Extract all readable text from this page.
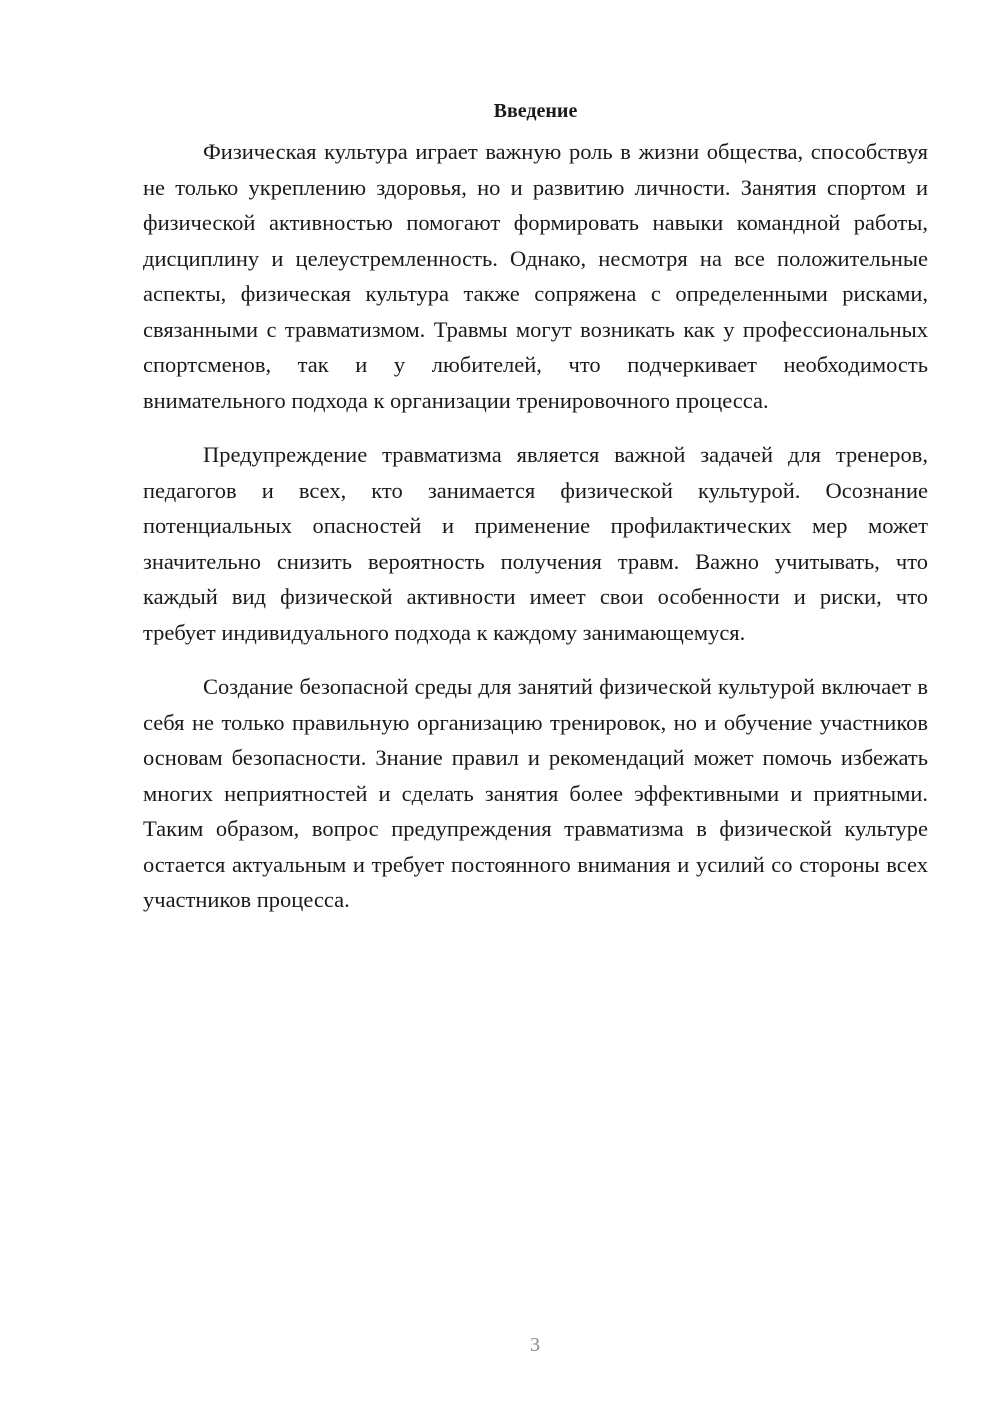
Введение

Физическая культура играет важную роль в жизни общества, способствуя не только укреплению здоровья, но и развитию личности. Занятия спортом и физической активностью помогают формировать навыки командной работы, дисциплину и целеустремленность. Однако, несмотря на все положительные аспекты, физическая культура также сопряжена с определенными рисками, связанными с травматизмом. Травмы могут возникать как у профессиональных спортсменов, так и у любителей, что подчеркивает необходимость внимательного подхода к организации тренировочного процесса.

Предупреждение травматизма является важной задачей для тренеров, педагогов и всех, кто занимается физической культурой. Осознание потенциальных опасностей и применение профилактических мер может значительно снизить вероятность получения травм. Важно учитывать, что каждый вид физической активности имеет свои особенности и риски, что требует индивидуального подхода к каждому занимающемуся.

Создание безопасной среды для занятий физической культурой включает в себя не только правильную организацию тренировок, но и обучение участников основам безопасности. Знание правил и рекомендаций может помочь избежать многих неприятностей и сделать занятия более эффективными и приятными. Таким образом, вопрос предупреждения травматизма в физической культуре остается актуальным и требует постоянного внимания и усилий со стороны всех участников процесса.

3
